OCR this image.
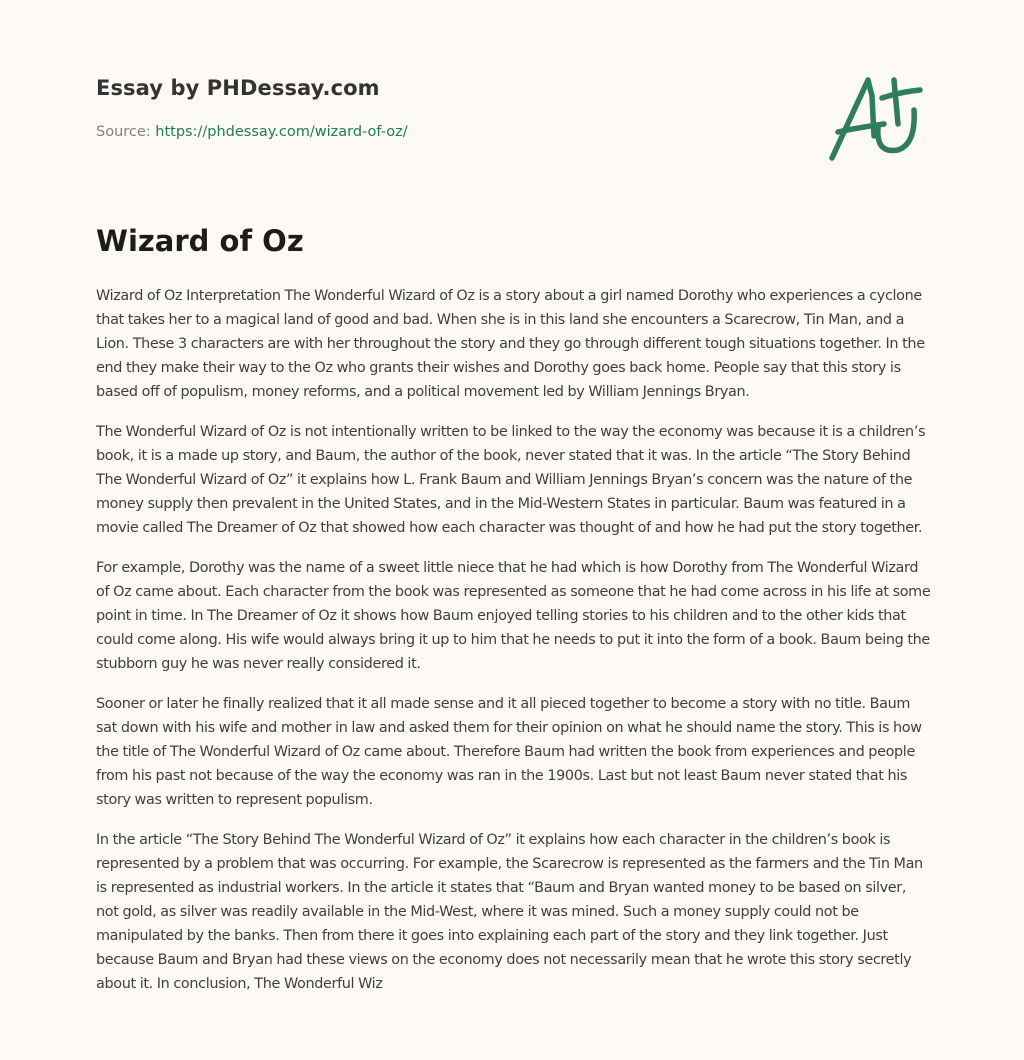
Essay by PHDessay.com
Source: https://phdessay.com/wizard-of-oz/
Wizard of Oz

Wizard of Oz Interpretation The Wonderful Wizard of Oz is a story about a girl named Dorothy who experiences a cyclone that takes her to a magical land of good and bad. When she is in this land she encounters a Scarecrow, Tin Man, and a Lion. These 3 characters are with her throughout the story and they go through different tough situations together. In the end they make their way to the Oz who grants their wishes and Dorothy goes back home. People say that this story is based off of populism, money reforms, and a political movement led by William Jennings Bryan.

The Wonderful Wizard of Oz is not intentionally written to be linked to the way the economy was because it is a children’s book, it is a made up story, and Baum, the author of the book, never stated that it was. In the article “The Story Behind The Wonderful Wizard of Oz” it explains how L. Frank Baum and William Jennings Bryan’s concern was the nature of the money supply then prevalent in the United States, and in the Mid-Western States in particular. Baum was featured in a movie called The Dreamer of Oz that showed how each character was thought of and how he had put the story together.

For example, Dorothy was the name of a sweet little niece that he had which is how Dorothy from The Wonderful Wizard of Oz came about. Each character from the book was represented as someone that he had come across in his life at some point in time. In The Dreamer of Oz it shows how Baum enjoyed telling stories to his children and to the other kids that could come along. His wife would always bring it up to him that he needs to put it into the form of a book. Baum being the stubborn guy he was never really considered it.

Sooner or later he finally realized that it all made sense and it all pieced together to become a story with no title. Baum sat down with his wife and mother in law and asked them for their opinion on what he should name the story. This is how the title of The Wonderful Wizard of Oz came about. Therefore Baum had written the book from experiences and people from his past not because of the way the economy was ran in the 1900s. Last but not least Baum never stated that his story was written to represent populism.

In the article “The Story Behind The Wonderful Wizard of Oz” it explains how each character in the children’s book is represented by a problem that was occurring. For example, the Scarecrow is represented as the farmers and the Tin Man is represented as industrial workers. In the article it states that “Baum and Bryan wanted money to be based on silver, not gold, as silver was readily available in the Mid-West, where it was mined. Such a money supply could not be manipulated by the banks. Then from there it goes into explaining each part of the story and they link together. Just because Baum and Bryan had these views on the economy does not necessarily mean that he wrote this story secretly about it. In conclusion, The Wonderful Wiz
